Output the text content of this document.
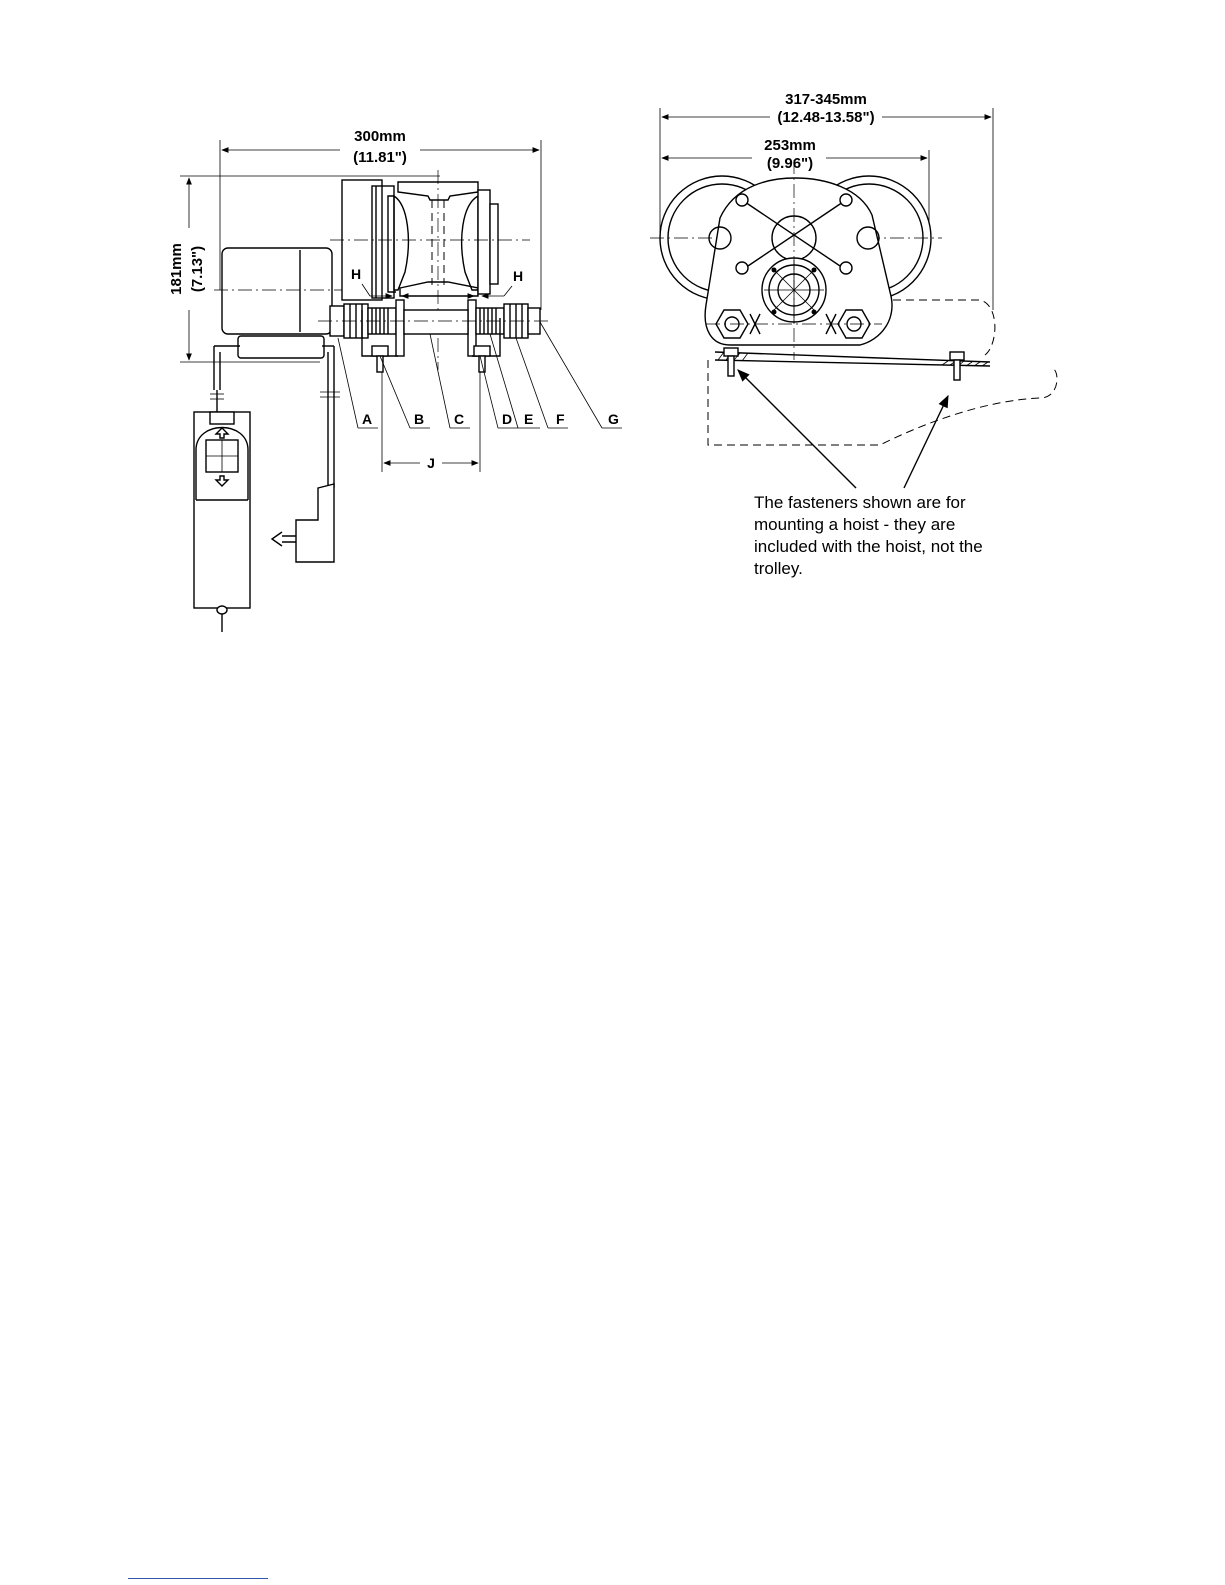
300mm
(11.81")
181mm (7.13")	H	H
J
A	B C	D E F	G
317-345mm
(12.48-13.58")
253mm
(9.96")
The fasteners shown are for
mounting a hoist - they are
included with the hoist, not the
trolley.
